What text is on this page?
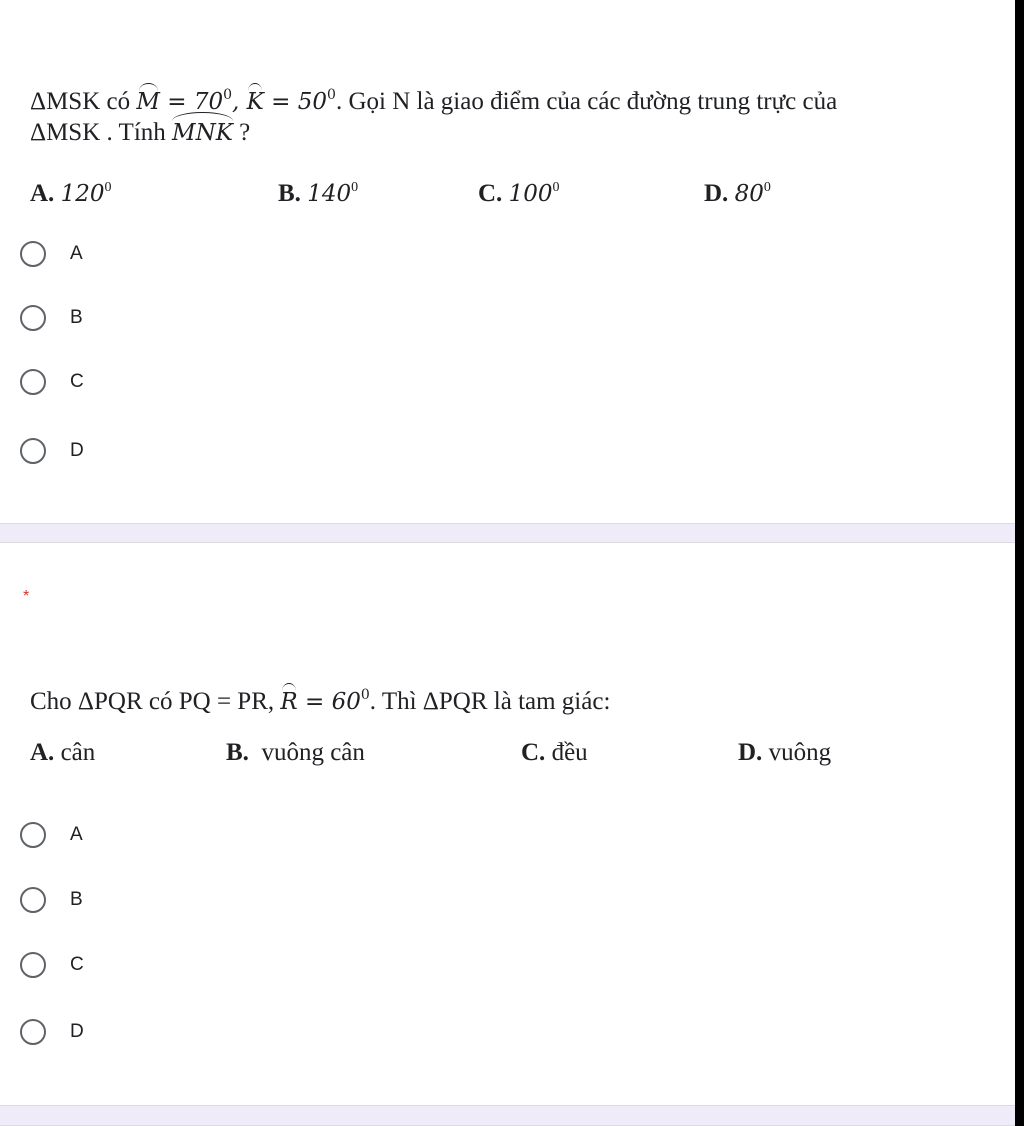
ΔMSK có $M = 70^0$, $K = 50^0$. Gọi N là giao điểm của các đường trung trực của
ΔMSK . Tính MNK ?
A. $120^0$	B. $140^0$	C. $100^0$	D. $80^0$
A
B
C
D
*
Cho ΔPQR có PQ = PR, $R = 60^0$. Thì ΔPQR là tam giác:
A. cân	B.  vuông cân	C. đều	D. vuông
A
B
C
D
